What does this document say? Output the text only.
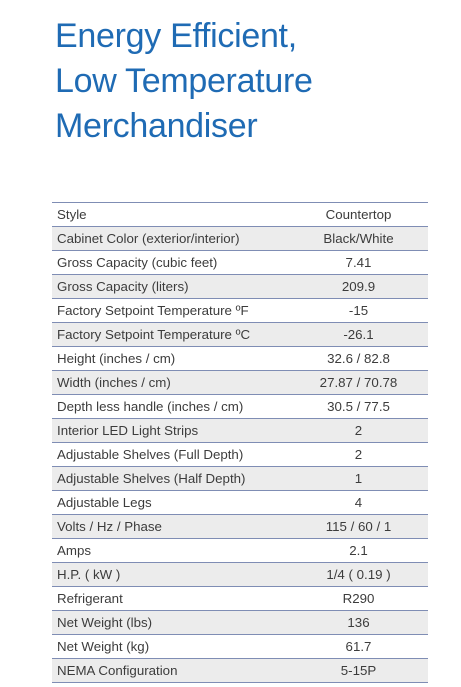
Energy Efficient,
Low Temperature
Merchandiser
Style	Countertop
Cabinet Color (exterior/interior)	Black/White
Gross Capacity (cubic feet)	7.41
Gross Capacity (liters)	209.9
Factory Setpoint Temperature ºF	-15
Factory Setpoint Temperature ºC	-26.1
Height (inches / cm)	32.6 / 82.8
Width (inches / cm)	27.87 / 70.78
Depth less handle (inches / cm)	30.5 / 77.5
Interior LED Light Strips	2
Adjustable Shelves (Full Depth)	2
Adjustable Shelves (Half Depth)	1
Adjustable Legs	4
Volts / Hz / Phase	115 / 60 / 1
Amps	2.1
H.P. ( kW )	1/4 ( 0.19 )
Refrigerant	R290
Net Weight (lbs)	136
Net Weight (kg)	61.7
NEMA Configuration	5-15P
